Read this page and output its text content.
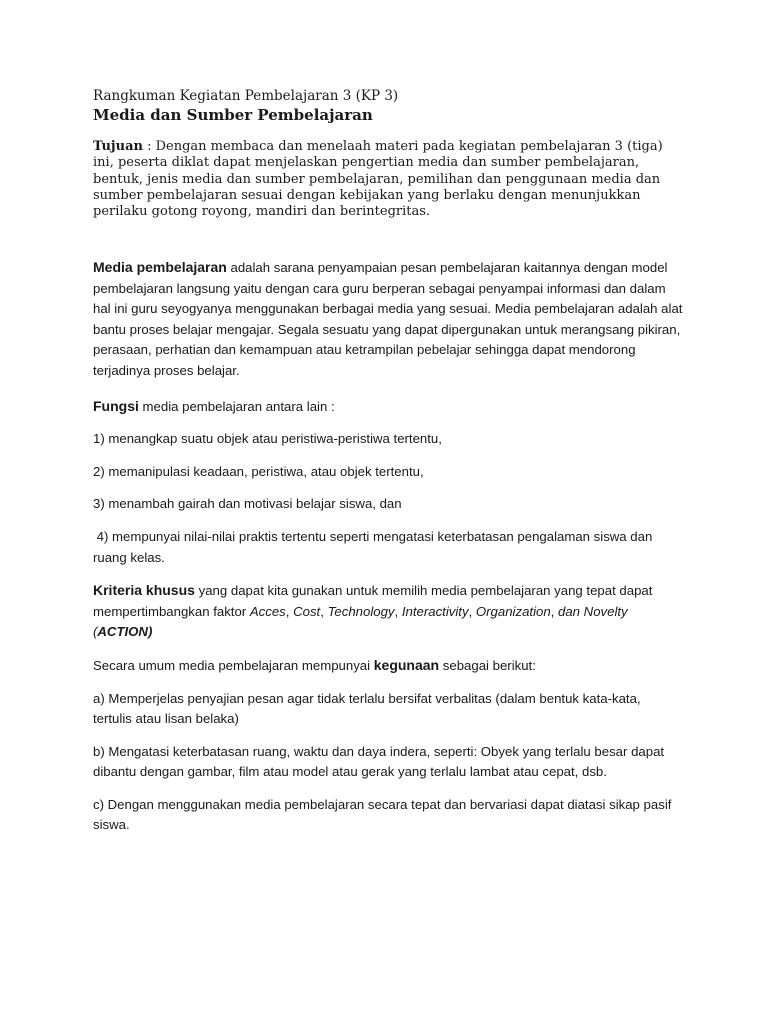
Rangkuman Kegiatan Pembelajaran 3 (KP 3)

Media dan Sumber Pembelajaran

Tujuan : Dengan membaca dan menelaah materi pada kegiatan pembelajaran 3 (tiga) ini, peserta diklat dapat menjelaskan pengertian media dan sumber pembelajaran, bentuk, jenis media dan sumber pembelajaran, pemilihan dan penggunaan media dan sumber pembelajaran sesuai dengan kebijakan yang berlaku dengan menunjukkan perilaku gotong royong, mandiri dan berintegritas.

Media pembelajaran adalah sarana penyampaian pesan pembelajaran kaitannya dengan model pembelajaran langsung yaitu dengan cara guru berperan sebagai penyampai informasi dan dalam hal ini guru seyogyanya menggunakan berbagai media yang sesuai. Media pembelajaran adalah alat bantu proses belajar mengajar. Segala sesuatu yang dapat dipergunakan untuk merangsang pikiran, perasaan, perhatian dan kemampuan atau ketrampilan pebelajar sehingga dapat mendorong terjadinya proses belajar.

Fungsi media pembelajaran antara lain :

1) menangkap suatu objek atau peristiwa-peristiwa tertentu,

2) memanipulasi keadaan, peristiwa, atau objek tertentu,

3) menambah gairah dan motivasi belajar siswa, dan

4) mempunyai nilai-nilai praktis tertentu seperti mengatasi keterbatasan pengalaman siswa dan ruang kelas.

Kriteria khusus yang dapat kita gunakan untuk memilih media pembelajaran yang tepat dapat mempertimbangkan faktor Acces, Cost, Technology, Interactivity, Organization, dan Novelty (ACTION)

Secara umum media pembelajaran mempunyai kegunaan sebagai berikut:

a) Memperjelas penyajian pesan agar tidak terlalu bersifat verbalitas (dalam bentuk kata-kata, tertulis atau lisan belaka)

b) Mengatasi keterbatasan ruang, waktu dan daya indera, seperti: Obyek yang terlalu besar dapat dibantu dengan gambar, film atau model atau gerak yang terlalu lambat atau cepat, dsb.

c) Dengan menggunakan media pembelajaran secara tepat dan bervariasi dapat diatasi sikap pasif siswa.
